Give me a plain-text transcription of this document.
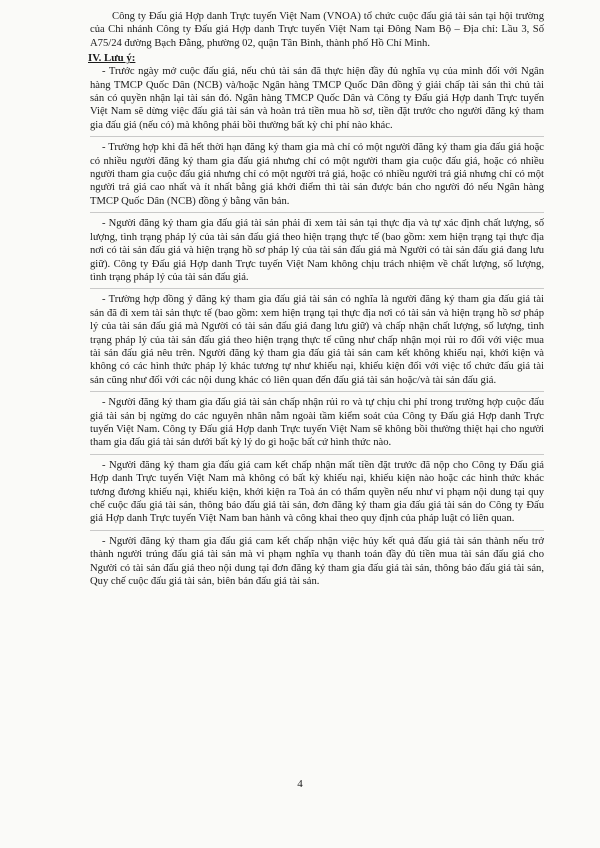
Công ty Đấu giá Hợp danh Trực tuyến Việt Nam (VNOA) tổ chức cuộc đấu giá tài sản tại hội trường của Chi nhánh Công ty Đấu giá Hợp danh Trực tuyến Việt Nam tại Đông Nam Bộ – Địa chỉ: Lầu 3, Số A75/24 đường Bạch Đằng, phường 02, quận Tân Bình, thành phố Hồ Chí Minh.

IV. Lưu ý:

- Trước ngày mở cuộc đấu giá, nếu chủ tài sản đã thực hiện đầy đủ nghĩa vụ của mình đối với Ngân hàng TMCP Quốc Dân (NCB) và/hoặc Ngân hàng TMCP Quốc Dân đồng ý giải chấp tài sản thì chủ tài sản có quyền nhận lại tài sản đó. Ngân hàng TMCP Quốc Dân và Công ty Đấu giá Hợp danh Trực tuyến Việt Nam sẽ dừng việc đấu giá tài sản và hoàn trả tiền mua hồ sơ, tiền đặt trước cho người đăng ký tham gia đấu giá (nếu có) mà không phải bồi thường bất kỳ chi phí nào khác.

- Trường hợp khi đã hết thời hạn đăng ký tham gia mà chỉ có một người đăng ký tham gia đấu giá hoặc có nhiều người đăng ký tham gia đấu giá nhưng chỉ có một người tham gia cuộc đấu giá, hoặc có nhiều người tham gia cuộc đấu giá nhưng chỉ có một người trả giá, hoặc có nhiều người trả giá nhưng chỉ có một người trả giá cao nhất và ít nhất bằng giá khởi điểm thì tài sản được bán cho người đó nếu Ngân hàng TMCP Quốc Dân (NCB) đồng ý bằng văn bản.

- Người đăng ký tham gia đấu giá tài sản phải đi xem tài sản tại thực địa và tự xác định chất lượng, số lượng, tình trạng pháp lý của tài sản đấu giá theo hiện trạng thực tế (bao gồm: xem hiện trạng tại thực địa nơi có tài sản đấu giá và hiện trạng hồ sơ pháp lý của tài sản đấu giá mà Người có tài sản đấu giá đang lưu giữ). Công ty Đấu giá Hợp danh Trực tuyến Việt Nam không chịu trách nhiệm về chất lượng, số lượng, tình trạng pháp lý của tài sản đấu giá.

- Trường hợp đồng ý đăng ký tham gia đấu giá tài sản có nghĩa là người đăng ký tham gia đấu giá tài sản đã đi xem tài sản thực tế (bao gồm: xem hiện trạng tại thực địa nơi có tài sản và hiện trạng hồ sơ pháp lý của tài sản đấu giá mà Người có tài sản đấu giá đang lưu giữ) và chấp nhận chất lượng, số lượng, tình trạng pháp lý của tài sản đấu giá theo hiện trạng thực tế cũng như chấp nhận mọi rủi ro đối với việc mua tài sản đấu giá nêu trên. Người đăng ký tham gia đấu giá tài sản cam kết không khiếu nại, khởi kiện và không có các hình thức pháp lý khác tương tự như khiếu nại, khiếu kiện đối với việc tổ chức đấu giá tài sản cũng như đối với các nội dung khác có liên quan đến đấu giá tài sản hoặc/và tài sản đấu giá.

- Người đăng ký tham gia đấu giá tài sản chấp nhận rủi ro và tự chịu chi phí trong trường hợp cuộc đấu giá tài sản bị ngừng do các nguyên nhân nằm ngoài tầm kiểm soát của Công ty Đấu giá Hợp danh Trực tuyến Việt Nam. Công ty Đấu giá Hợp danh Trực tuyến Việt Nam sẽ không bồi thường thiệt hại cho người tham gia đấu giá tài sản dưới bất kỳ lý do gì hoặc bất cứ hình thức nào.

- Người đăng ký tham gia đấu giá cam kết chấp nhận mất tiền đặt trước đã nộp cho Công ty Đấu giá Hợp danh Trực tuyến Việt Nam mà không có bất kỳ khiếu nại, khiếu kiện nào hoặc các hình thức khác tương đương khiếu nại, khiếu kiện, khởi kiện ra Toà án có thẩm quyền nếu như vi phạm nội dung tại quy chế cuộc đấu giá tài sản, thông báo đấu giá tài sản, đơn đăng ký tham gia đấu giá tài sản do Công ty Đấu giá Hợp danh Trực tuyến Việt Nam ban hành và công khai theo quy định của pháp luật có liên quan.

- Người đăng ký tham gia đấu giá cam kết chấp nhận việc hủy kết quả đấu giá tài sản thành nếu trở thành người trúng đấu giá tài sản mà vi phạm nghĩa vụ thanh toán đầy đủ tiền mua tài sản đấu giá cho Người có tài sản đấu giá theo nội dung tại đơn đăng ký tham gia đấu giá tài sản, thông báo đấu giá tài sản, Quy chế cuộc đấu giá tài sản, biên bản đấu giá tài sản.

4
